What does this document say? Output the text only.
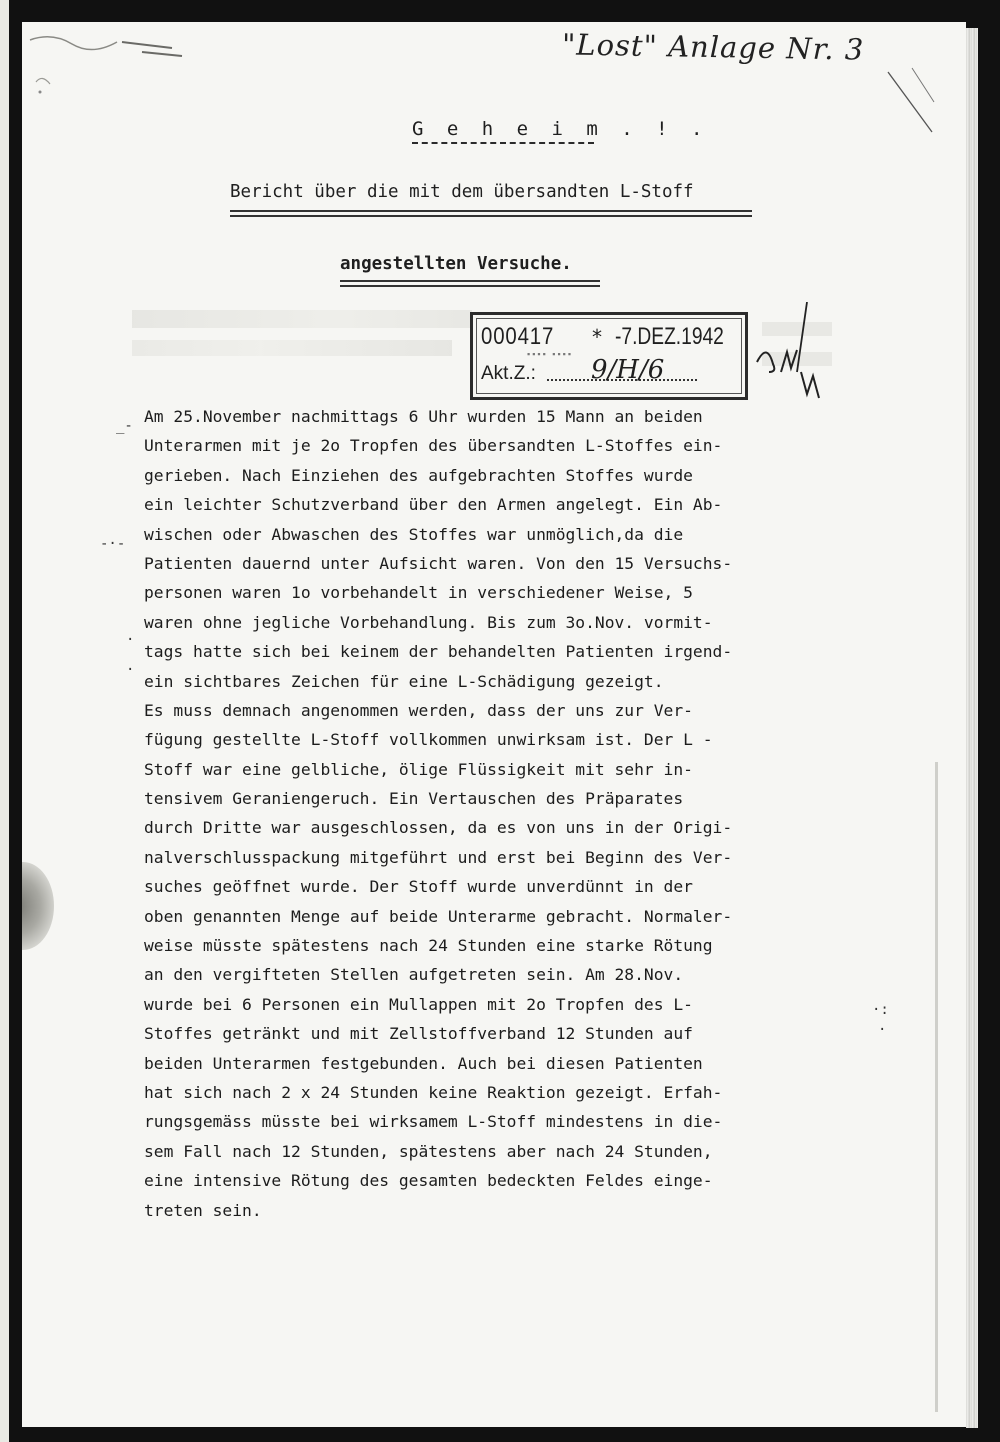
"Lost" Anlage Nr. 3
G e h e i m . ! .
Bericht über die mit dem übersandten L-Stoff
angestellten Versuche.
000417 * -7.DEZ.1942
▪▪▪▪ ▪▪▪▪
Akt.Z.: 9/H/6
_-
-·-
·
·
Am 25.November nachmittags 6 Uhr wurden 15 Mann an beiden
Unterarmen mit je 2o Tropfen des übersandten L-Stoffes ein-
gerieben. Nach Einziehen des aufgebrachten Stoffes wurde
ein leichter Schutzverband über den Armen angelegt. Ein Ab-
wischen oder Abwaschen des Stoffes war unmöglich,da die
Patienten dauernd unter Aufsicht waren. Von den 15 Versuchs-
personen waren 1o vorbehandelt in verschiedener Weise, 5
waren ohne jegliche Vorbehandlung. Bis zum 3o.Nov. vormit-
tags hatte sich bei keinem der behandelten Patienten irgend-
ein sichtbares Zeichen für eine L-Schädigung gezeigt.
Es muss demnach angenommen werden, dass der uns zur Ver-
fügung gestellte L-Stoff vollkommen unwirksam ist. Der L -
Stoff war eine gelbliche, ölige Flüssigkeit mit sehr in-
tensivem Geraniengeruch. Ein Vertauschen des Präparates
durch Dritte war ausgeschlossen, da es von uns in der Origi-
nalverschlusspackung mitgeführt und erst bei Beginn des Ver-
suches geöffnet wurde. Der Stoff wurde unverdünnt in der
oben genannten Menge auf beide Unterarme gebracht. Normaler-
weise müsste spätestens nach 24 Stunden eine starke Rötung
an den vergifteten Stellen aufgetreten sein. Am 28.Nov.
wurde bei 6 Personen ein Mullappen mit 2o Tropfen des L-
Stoffes getränkt und mit Zellstoffverband 12 Stunden auf
beiden Unterarmen festgebunden. Auch bei diesen Patienten
hat sich nach 2 x 24 Stunden keine Reaktion gezeigt. Erfah-
rungsgemäss müsste bei wirksamem L-Stoff mindestens in die-
sem Fall nach 12 Stunden, spätestens aber nach 24 Stunden,
eine intensive Rötung des gesamten bedeckten Feldes einge-
treten sein.
·:
·
